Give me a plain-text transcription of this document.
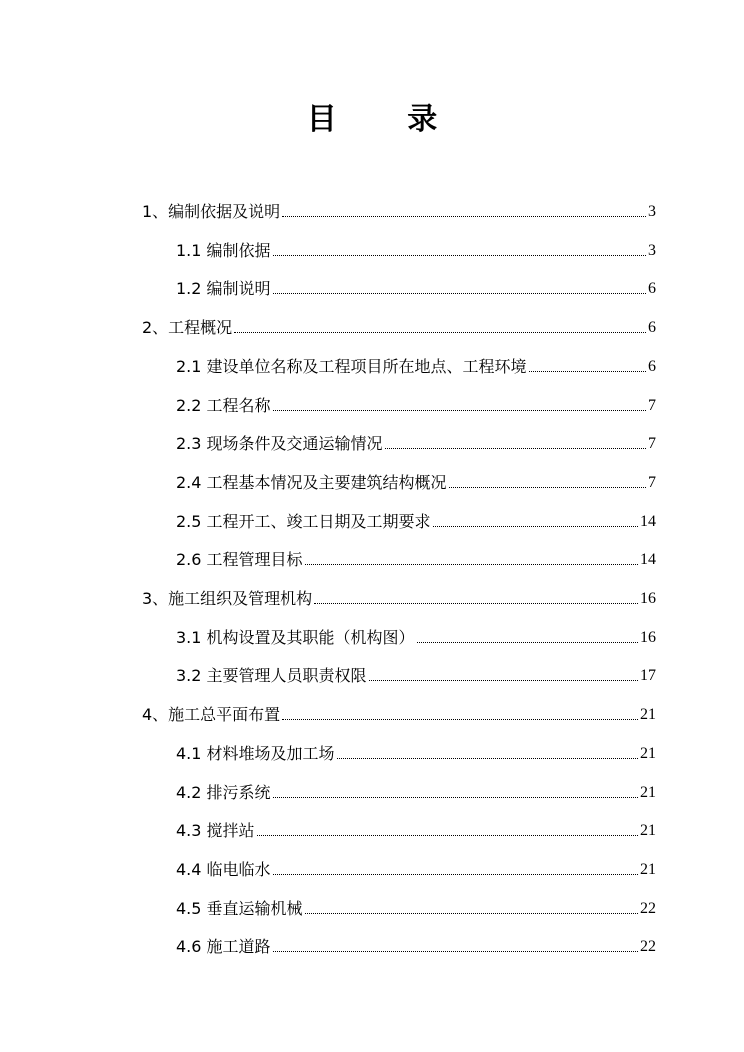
目 录
1、编制依据及说明	3
1.1 编制依据	3
1.2 编制说明	6
2、工程概况	6
2.1 建设单位名称及工程项目所在地点、工程环境	6
2.2 工程名称	7
2.3 现场条件及交通运输情况	7
2.4 工程基本情况及主要建筑结构概况	7
2.5 工程开工、竣工日期及工期要求	14
2.6 工程管理目标	14
3、施工组织及管理机构	16
3.1 机构设置及其职能（机构图）	16
3.2 主要管理人员职责权限	17
4、施工总平面布置	21
4.1 材料堆场及加工场	21
4.2 排污系统	21
4.3 搅拌站	21
4.4 临电临水	21
4.5 垂直运输机械	22
4.6 施工道路	22
